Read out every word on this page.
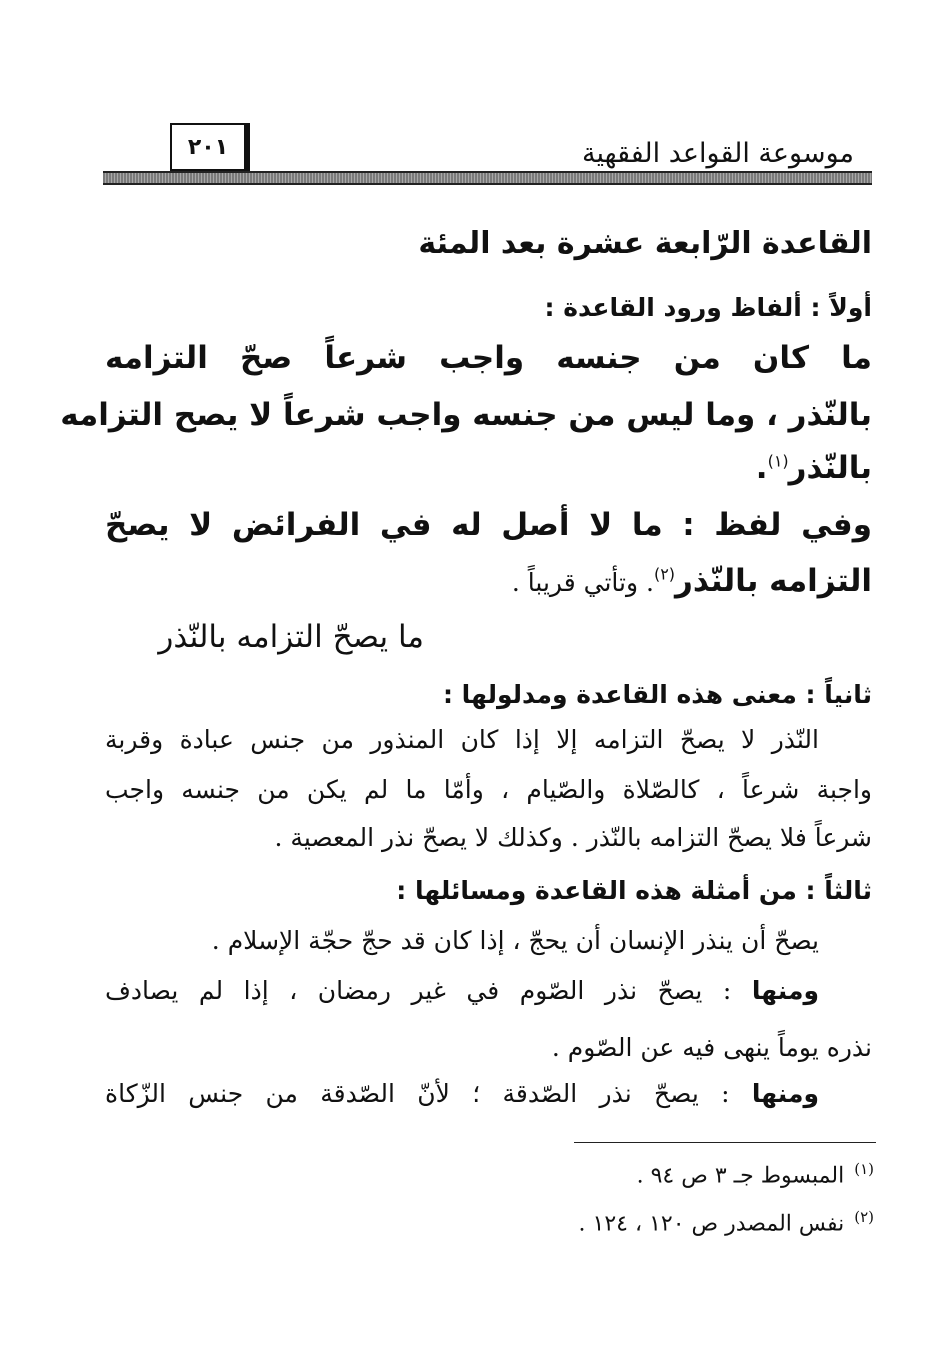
موسوعة القواعد الفقهية
٢٠١
القاعدة الرّابعة عشرة بعد المئة
أولاً : ألفاظ ورود القاعدة :
ما كان من جنسه واجب شرعاً صحّ التزامه
بالنّذر ، وما ليس من جنسه واجب شرعاً لا يصح التزامه
بالنّذر$^{(١)}$.
وفي لفظ : ما لا أصل له في الفرائض لا يصحّ
التزامه بالنّذر$^{(٢)}$. وتأتي قريباً .
ما يصحّ التزامه بالنّذر
ثانياً : معنى هذه القاعدة ومدلولها :
النّذر لا يصحّ التزامه إلا إذا كان المنذور من جنس عبادة وقربة
واجبة شرعاً ، كالصّلاة والصّيام ، وأمّا ما لم يكن من جنسه واجب
شرعاً فلا يصحّ التزامه بالنّذر . وكذلك لا يصحّ نذر المعصية .
ثالثاً : من أمثلة هذه القاعدة ومسائلها :
يصحّ أن ينذر الإنسان أن يحجّ ، إذا كان قد حجّ حجّة الإسلام .
ومنها : يصحّ نذر الصّوم في غير رمضان ، إذا لم يصادف
نذره يوماً ينهى فيه عن الصّوم .
ومنها : يصحّ نذر الصّدقة ؛ لأنّ الصّدقة من جنس الزّكاة
$^{(١)}$المبسوط جـ ٣ ص ٩٤ .
$^{(٢)}$نفس المصدر ص ١٢٠ ، ١٢٤ .
